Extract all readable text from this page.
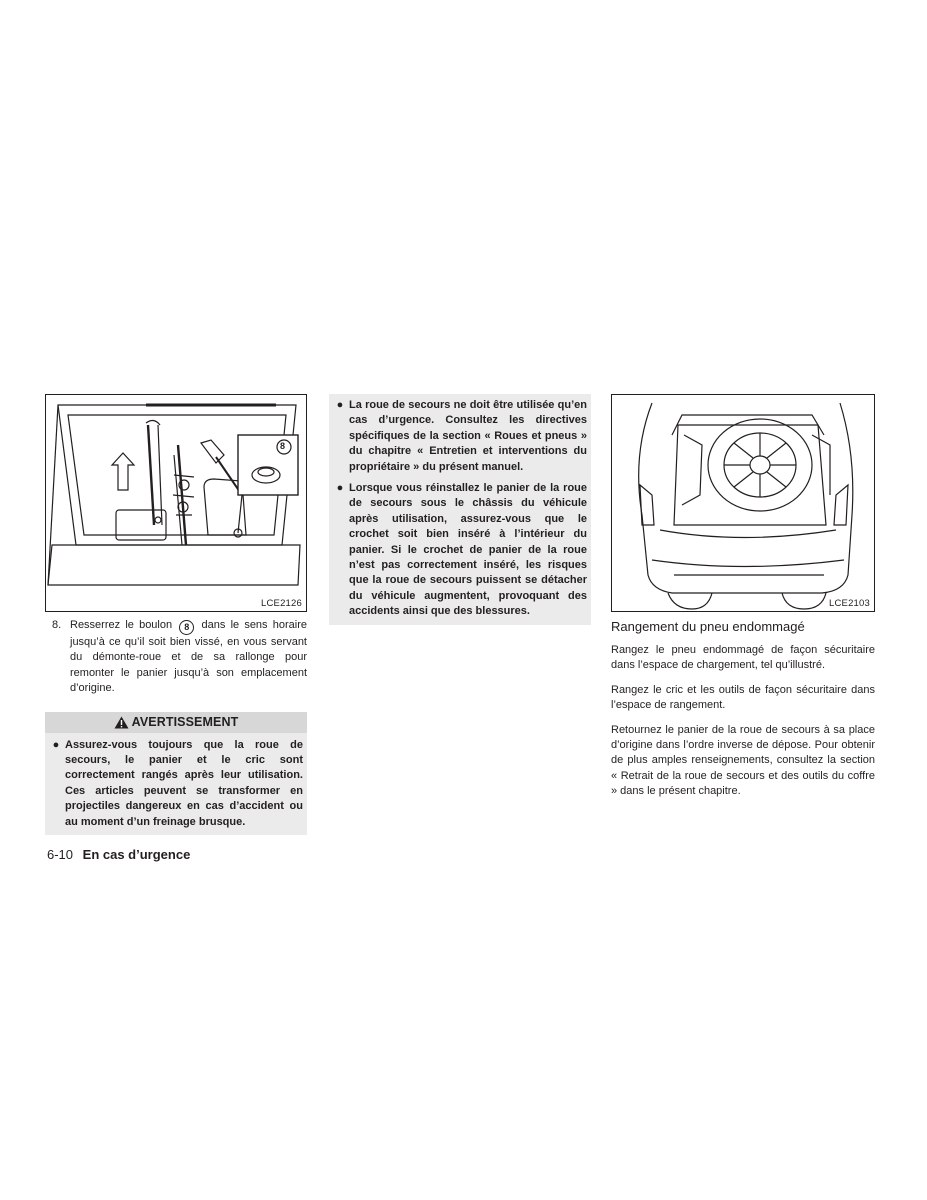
8
LCE2126
8. Resserrez le boulon 8 dans le sens horaire jusqu’à ce qu’il soit bien vissé, en vous servant du démonte-roue et de sa rallonge pour remonter le panier jusqu’à son emplacement d’origine.
AVERTISSEMENT
● Assurez-vous toujours que la roue de secours, le panier et le cric sont correctement rangés après leur utilisation. Ces articles peuvent se transformer en projectiles dangereux en cas d’accident ou au moment d’un freinage brusque.
● La roue de secours ne doit être utilisée qu’en cas d’urgence. Consultez les directives spécifiques de la section « Roues et pneus » du chapitre « Entretien et interventions du propriétaire » du présent manuel.
● Lorsque vous réinstallez le panier de la roue de secours sous le châssis du véhicule après utilisation, assurez-vous que le crochet soit bien inséré à l’intérieur du panier. Si le crochet de panier de la roue n’est pas correctement inséré, les risques que la roue de secours puissent se détacher du véhicule augmentent, provoquant des accidents ainsi que des blessures.
LCE2103
Rangement du pneu endommagé

Rangez le pneu endommagé de façon sécuritaire dans l’espace de chargement, tel qu’illustré.

Rangez le cric et les outils de façon sécuritaire dans l’espace de rangement.

Retournez le panier de la roue de secours à sa place d’origine dans l’ordre inverse de dépose. Pour obtenir de plus amples renseignements, consultez la section « Retrait de la roue de secours et des outils du coffre » dans le présent chapitre.

6-10 En cas d’urgence
